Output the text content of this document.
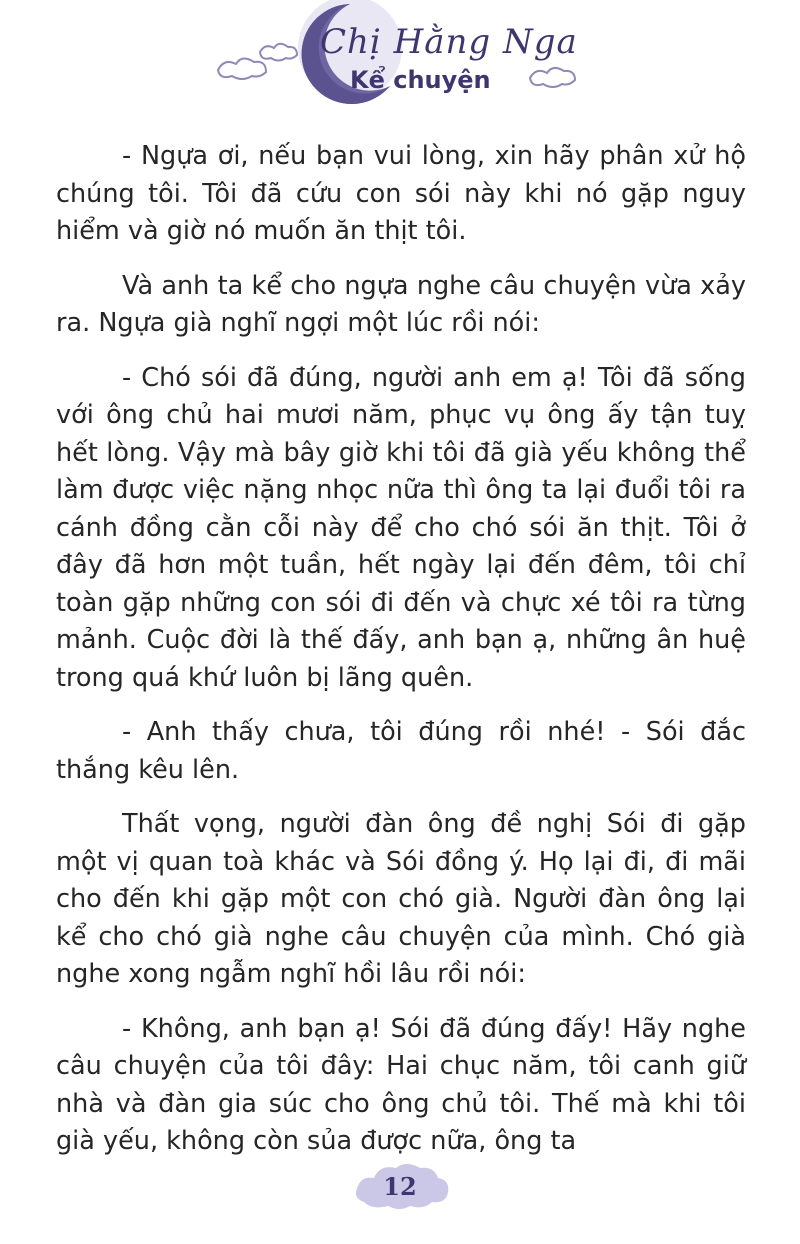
Chị Hằng Nga
Kể chuyện

- Ngựa ơi, nếu bạn vui lòng, xin hãy phân xử hộ chúng tôi. Tôi đã cứu con sói này khi nó gặp nguy hiểm và giờ nó muốn ăn thịt tôi.

Và anh ta kể cho ngựa nghe câu chuyện vừa xảy ra. Ngựa già nghĩ ngợi một lúc rồi nói:

- Chó sói đã đúng, người anh em ạ! Tôi đã sống với ông chủ hai mươi năm, phục vụ ông ấy tận tuỵ hết lòng. Vậy mà bây giờ khi tôi đã già yếu không thể làm được việc nặng nhọc nữa thì ông ta lại đuổi tôi ra cánh đồng cằn cỗi này để cho chó sói ăn thịt. Tôi ở đây đã hơn một tuần, hết ngày lại đến đêm, tôi chỉ toàn gặp những con sói đi đến và chực xé tôi ra từng mảnh. Cuộc đời là thế đấy, anh bạn ạ, những ân huệ trong quá khứ luôn bị lãng quên.

- Anh thấy chưa, tôi đúng rồi nhé! - Sói đắc thắng kêu lên.

Thất vọng, người đàn ông đề nghị Sói đi gặp một vị quan toà khác và Sói đồng ý. Họ lại đi, đi mãi cho đến khi gặp một con chó già. Người đàn ông lại kể cho chó già nghe câu chuyện của mình. Chó già nghe xong ngẫm nghĩ hồi lâu rồi nói:

- Không, anh bạn ạ! Sói đã đúng đấy! Hãy nghe câu chuyện của tôi đây: Hai chục năm, tôi canh giữ nhà và đàn gia súc cho ông chủ tôi. Thế mà khi tôi già yếu, không còn sủa được nữa, ông ta

12
